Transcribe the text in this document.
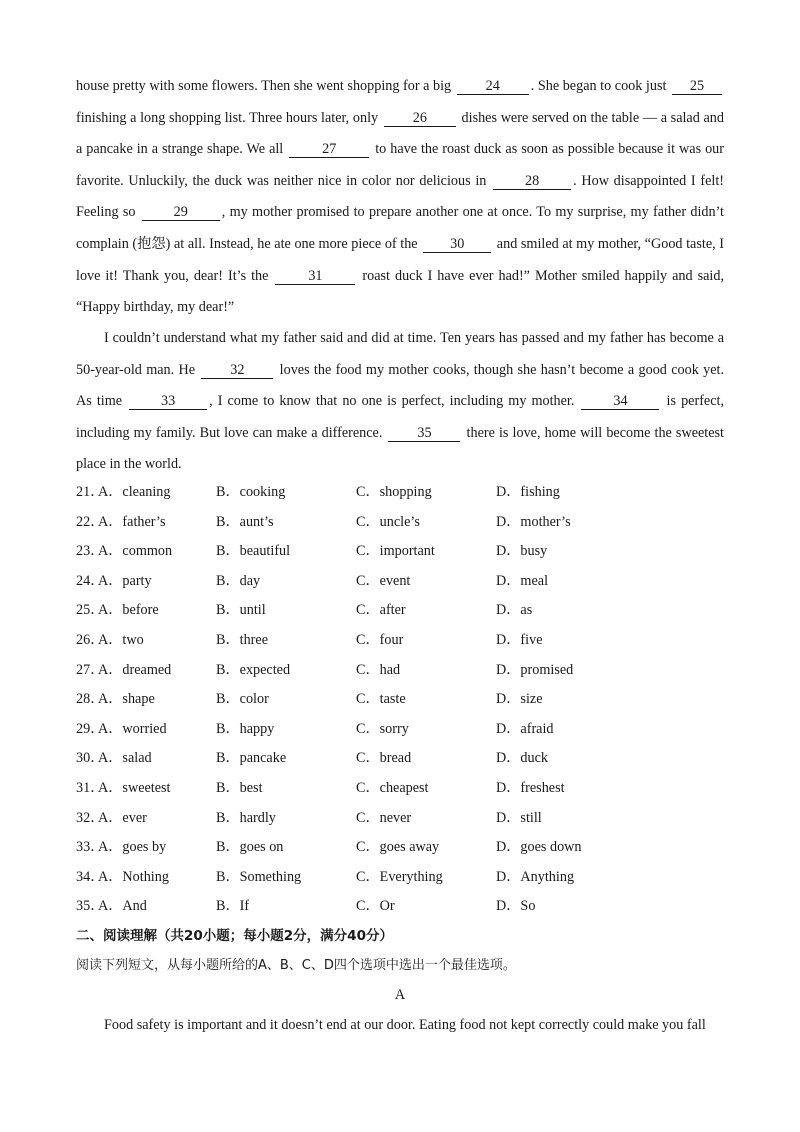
house pretty with some flowers. Then she went shopping for a big 24 . She began to cook just 25 finishing a long shopping list. Three hours later, only 26 dishes were served on the table — a salad and a pancake in a strange shape. We all 27 to have the roast duck as soon as possible because it was our favorite. Unluckily, the duck was neither nice in color nor delicious in 28 . How disappointed I felt! Feeling so 29 , my mother promised to prepare another one at once. To my surprise, my father didn’t complain (抱怨) at all. Instead, he ate one more piece of the 30 and smiled at my mother, “Good taste, I love it! Thank you, dear! It’s the 31 roast duck I have ever had!” Mother smiled happily and said, “Happy birthday, my dear!”
I couldn’t understand what my father said and did at time. Ten years has passed and my father has become a 50-year-old man. He 32 loves the food my mother cooks, though she hasn’t become a good cook yet. As time 33 , I come to know that no one is perfect, including my mother. 34 is perfect, including my family. But love can make a difference. 35 there is love, home will become the sweetest place in the world.
21．
A．cleaning	B．cooking	C．shopping	D．fishing
22．
A．father’s	B．aunt’s	C．uncle’s	D．mother’s
23．
A．common	B．beautiful	C．important	D．busy
24．
A．party	B．day	C．event	D．meal
25．
A．before	B．until	C．after	D．as
26．
A．two	B．three	C．four	D．five
27．
A．dreamed	B．expected	C．had	D．promised
28．
A．shape	B．color	C．taste	D．size
29．
A．worried	B．happy	C．sorry	D．afraid
30．
A．salad	B．pancake	C．bread	D．duck
31．
A．sweetest	B．best	C．cheapest	D．freshest
32．
A．ever	B．hardly	C．never	D．still
33．
A．goes by	B．goes on	C．goes away	D．goes down
34．
A．Nothing	B．Something	C．Everything	D．Anything
35．
A．And	B．If	C．Or	D．So
二、阅读理解（共20小题；每小题2分，满分40分）
阅读下列短文，从每小题所给的A、B、C、D四个选项中选出一个最佳选项。
A
Food safety is important and it doesn’t end at our door. Eating food not kept correctly could make you fall
